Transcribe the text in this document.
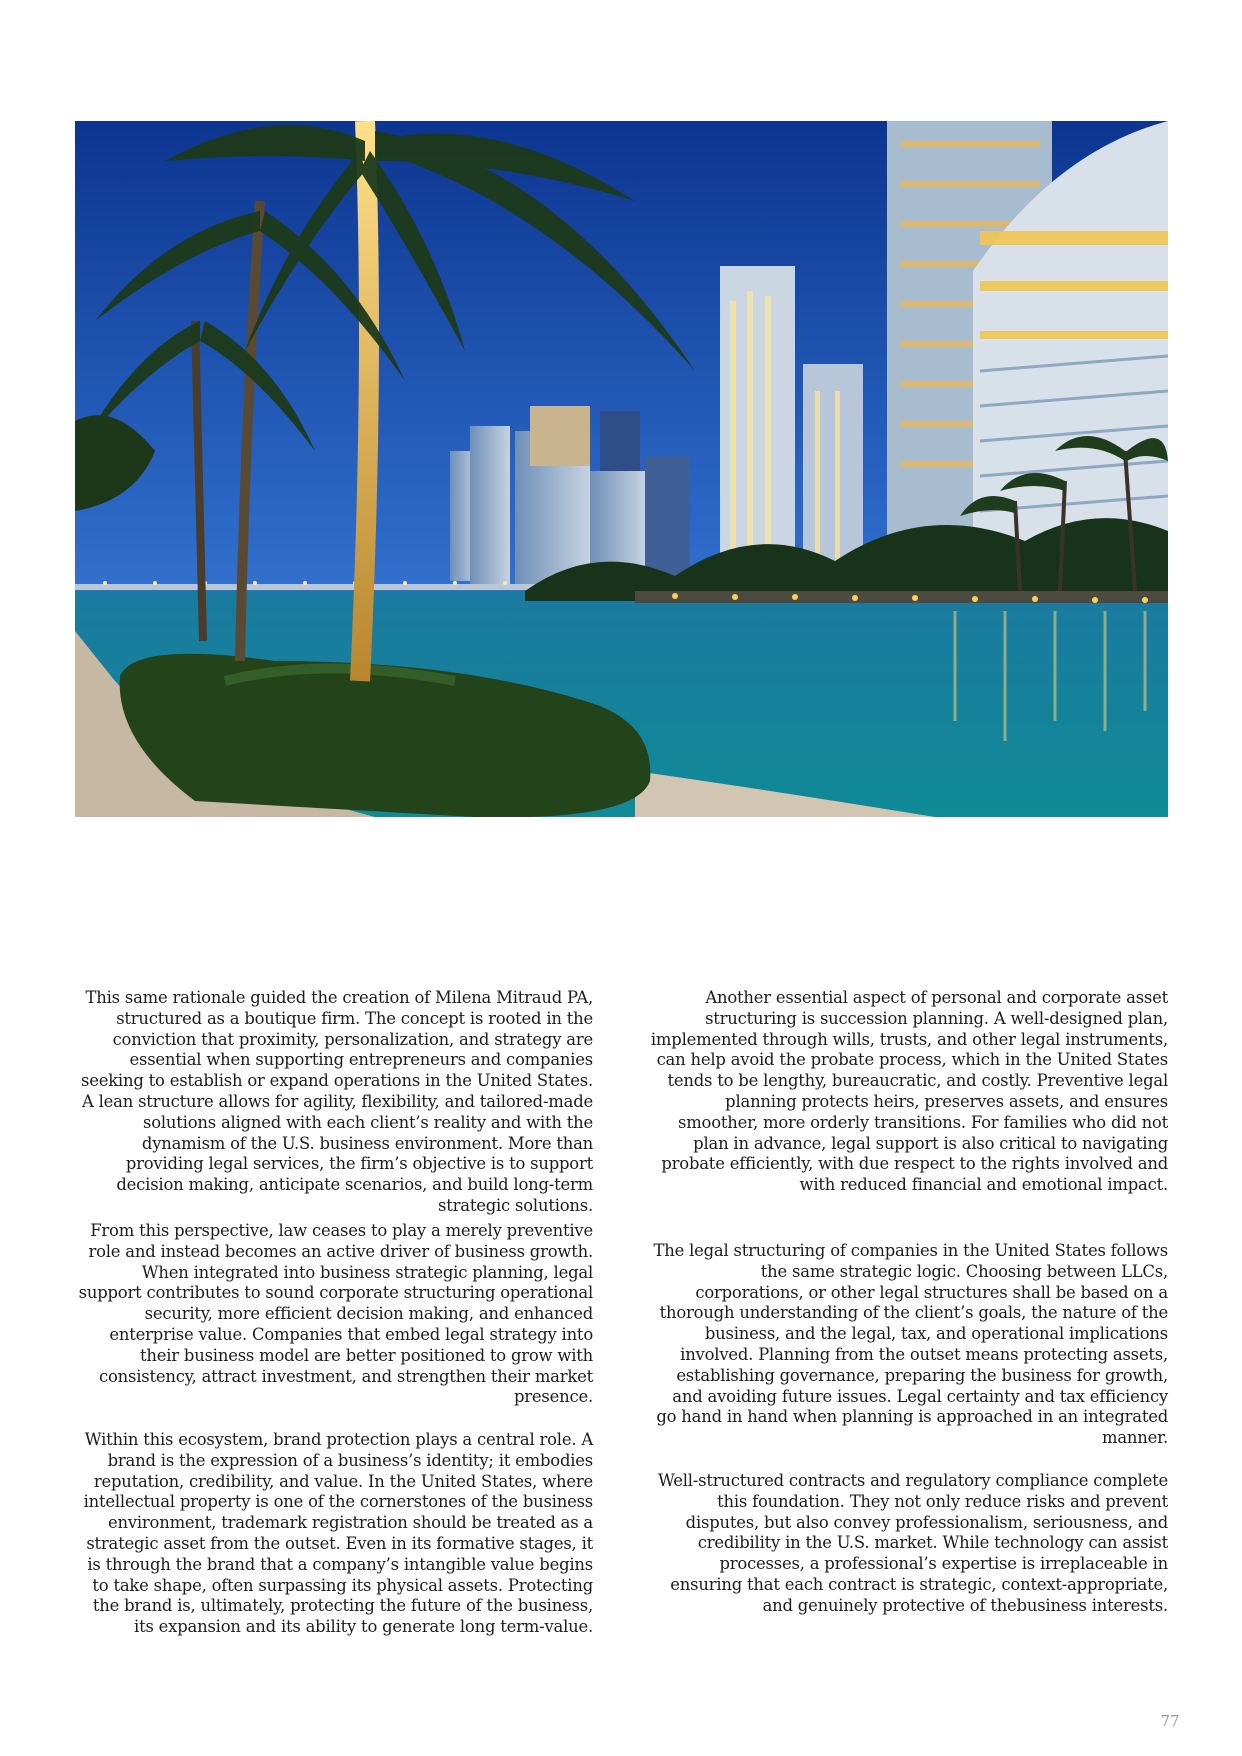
This same rationale guided the creation of Milena Mitraud PA, structured as a boutique firm. The concept is rooted in the conviction that proximity, personalization, and strategy are essential when supporting entrepreneurs and companies seeking to establish or expand operations in the United States. A lean structure allows for agility, flexibility, and tailored-made solutions aligned with each client’s reality and with the dynamism of the U.S. business environment. More than providing legal services, the firm’s objective is to support decision making, anticipate scenarios, and build long-term strategic solutions.

From this perspective, law ceases to play a merely preventive role and instead becomes an active driver of business growth. When integrated into business strategic planning, legal support contributes to sound corporate structuring operational security, more efficient decision making, and enhanced enterprise value. Companies that embed legal strategy into their business model are better positioned to grow with consistency, attract investment, and strengthen their market presence.

Within this ecosystem, brand protection plays a central role. A brand is the expression of a business’s identity; it embodies reputation, credibility, and value. In the United States, where intellectual property is one of the cornerstones of the business environment, trademark registration should be treated as a strategic asset from the outset. Even in its formative stages, it is through the brand that a company’s intangible value begins to take shape, often surpassing its physical assets. Protecting the brand is, ultimately, protecting the future of the business, its expansion and its ability to generate long term-value.

Another essential aspect of personal and corporate asset structuring is succession planning. A well-designed plan, implemented through wills, trusts, and other legal instruments, can help avoid the probate process, which in the United States tends to be lengthy, bureaucratic, and costly. Preventive legal planning protects heirs, preserves assets, and ensures smoother, more orderly transitions. For families who did not plan in advance, legal support is also critical to navigating probate efficiently, with due respect to the rights involved and with reduced financial and emotional impact.

The legal structuring of companies in the United States follows the same strategic logic. Choosing between LLCs, corporations, or other legal structures shall be based on a thorough understanding of the client’s goals, the nature of the business, and the legal, tax, and operational implications involved. Planning from the outset means protecting assets, establishing governance, preparing the business for growth, and avoiding future issues. Legal certainty and tax efficiency go hand in hand when planning is approached in an integrated manner.

Well-structured contracts and regulatory compliance complete this foundation. They not only reduce risks and prevent disputes, but also convey professionalism, seriousness, and credibility in the U.S. market. While technology can assist processes, a professional’s expertise is irreplaceable in ensuring that each contract is strategic, context-appropriate, and genuinely protective of thebusiness interests.

77
